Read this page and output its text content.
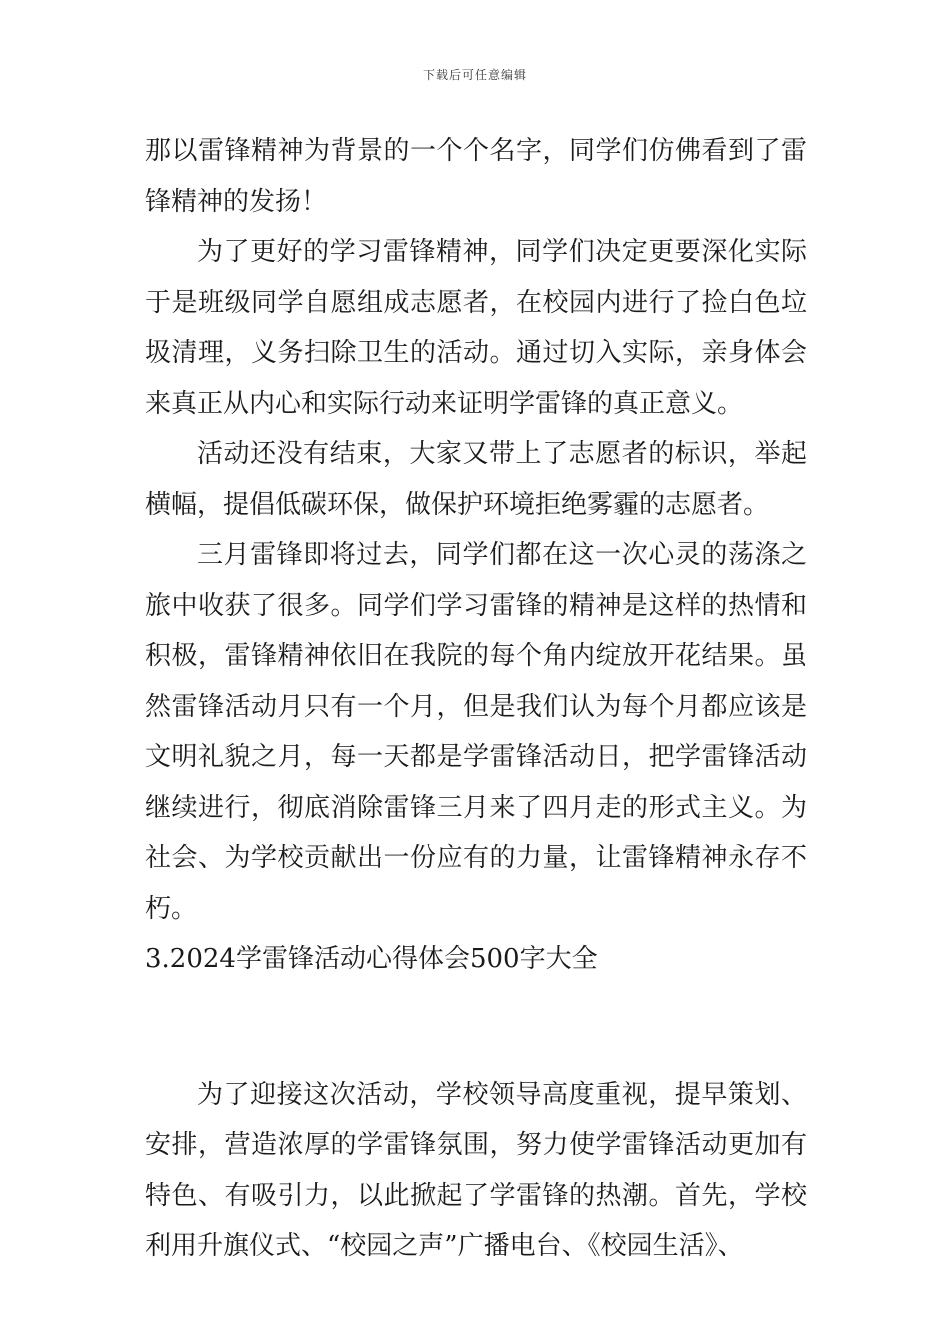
下载后可任意编辑

那以雷锋精神为背景的一个个名字，同学们仿佛看到了雷锋精神的发扬！

为了更好的学习雷锋精神，同学们决定更要深化实际于是班级同学自愿组成志愿者，在校园内进行了捡白色垃圾清理，义务扫除卫生的活动。通过切入实际，亲身体会来真正从内心和实际行动来证明学雷锋的真正意义。

活动还没有结束，大家又带上了志愿者的标识，举起横幅，提倡低碳环保，做保护环境拒绝雾霾的志愿者。

三月雷锋即将过去，同学们都在这一次心灵的荡涤之旅中收获了很多。同学们学习雷锋的精神是这样的热情和积极，雷锋精神依旧在我院的每个角内绽放开花结果。虽然雷锋活动月只有一个月，但是我们认为每个月都应该是文明礼貌之月，每一天都是学雷锋活动日，把学雷锋活动继续进行，彻底消除雷锋三月来了四月走的形式主义。为社会、为学校贡献出一份应有的力量，让雷锋精神永存不朽。

3.2024学雷锋活动心得体会500字大全

为了迎接这次活动，学校领导高度重视，提早策划、安排，营造浓厚的学雷锋氛围，努力使学雷锋活动更加有特色、有吸引力，以此掀起了学雷锋的热潮。首先，学校利用升旗仪式、“校园之声”广播电台、《校园生活》、
